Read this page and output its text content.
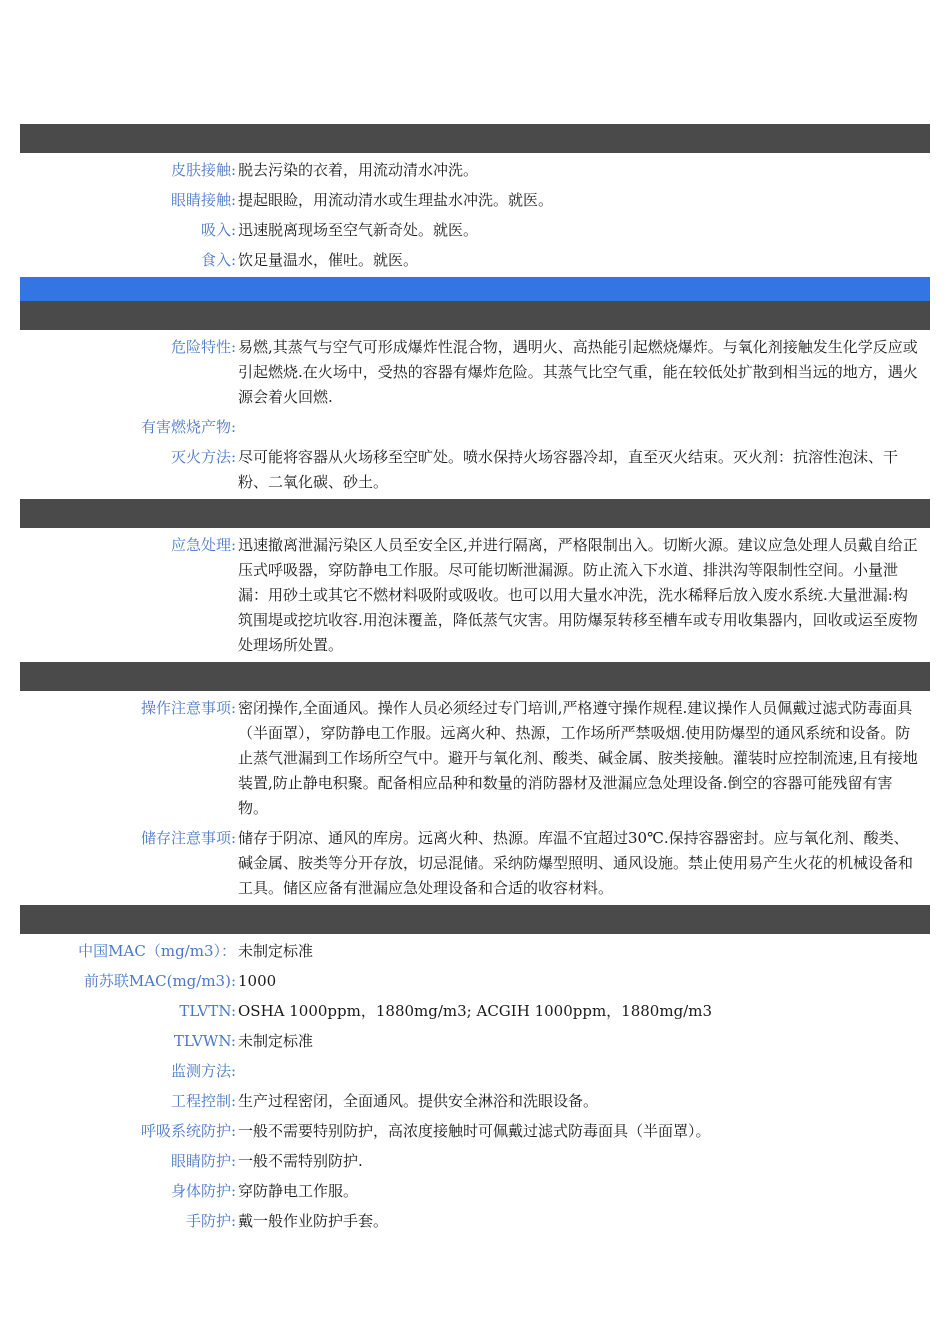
皮肤接触: 脱去污染的衣着，用流动清水冲洗。
眼睛接触: 提起眼睑，用流动清水或生理盐水冲洗。就医。
吸入: 迅速脱离现场至空气新奇处。就医。
食入: 饮足量温水，催吐。就医。
危险特性: 易燃,其蒸气与空气可形成爆炸性混合物，遇明火、高热能引起燃烧爆炸。与氧化剂接触发生化学反应或引起燃烧.在火场中，受热的容器有爆炸危险。其蒸气比空气重，能在较低处扩散到相当远的地方，遇火源会着火回燃.
有害燃烧产物:
灭火方法: 尽可能将容器从火场移至空旷处。喷水保持火场容器冷却，直至灭火结束。灭火剂：抗溶性泡沫、干粉、二氧化碳、砂土。
应急处理: 迅速撤离泄漏污染区人员至安全区,并进行隔离，严格限制出入。切断火源。建议应急处理人员戴自给正压式呼吸器，穿防静电工作服。尽可能切断泄漏源。防止流入下水道、排洪沟等限制性空间。小量泄漏：用砂土或其它不燃材料吸附或吸收。也可以用大量水冲洗，洗水稀释后放入废水系统.大量泄漏:构筑围堤或挖坑收容.用泡沫覆盖，降低蒸气灾害。用防爆泵转移至槽车或专用收集器内，回收或运至废物处理场所处置。
操作注意事项: 密闭操作,全面通风。操作人员必须经过专门培训,严格遵守操作规程.建议操作人员佩戴过滤式防毒面具（半面罩），穿防静电工作服。远离火种、热源，工作场所严禁吸烟.使用防爆型的通风系统和设备。防止蒸气泄漏到工作场所空气中。避开与氧化剂、酸类、碱金属、胺类接触。灌装时应控制流速,且有接地装置,防止静电积聚。配备相应品种和数量的消防器材及泄漏应急处理设备.倒空的容器可能残留有害物。
储存注意事项: 储存于阴凉、通风的库房。远离火种、热源。库温不宜超过30℃.保持容器密封。应与氧化剂、酸类、碱金属、胺类等分开存放，切忌混储。采纳防爆型照明、通风设施。禁止使用易产生火花的机械设备和工具。储区应备有泄漏应急处理设备和合适的收容材料。
中国MAC（mg/m3）： 未制定标准
前苏联MAC(mg/m3): 1000
TLVTN: OSHA 1000ppm，1880mg/m3; ACGIH 1000ppm，1880mg/m3
TLVWN: 未制定标准
监测方法:
工程控制: 生产过程密闭，全面通风。提供安全淋浴和洗眼设备。
呼吸系统防护: 一般不需要特别防护，高浓度接触时可佩戴过滤式防毒面具（半面罩）。
眼睛防护: 一般不需特别防护.
身体防护: 穿防静电工作服。
手防护: 戴一般作业防护手套。
